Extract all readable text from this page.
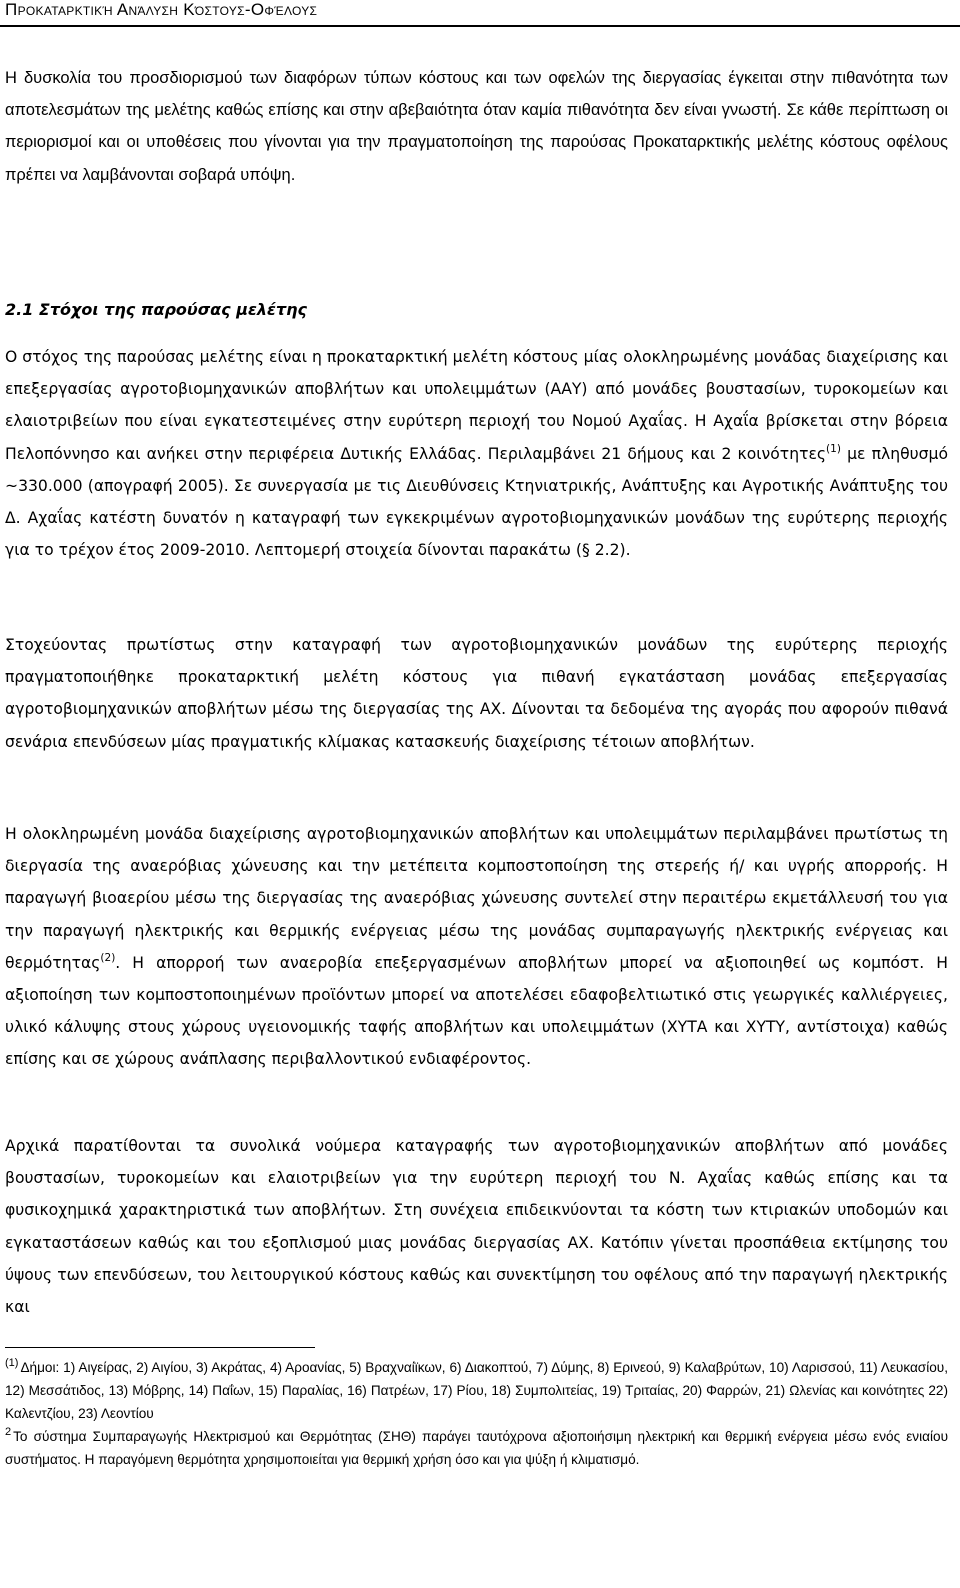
Προκαταρκτική Ανάλυση Κόστους-Οφέλους

Η δυσκολία του προσδιορισμού των διαφόρων τύπων κόστους και των οφελών της διεργασίας έγκειται στην πιθανότητα των αποτελεσμάτων της μελέτης καθώς επίσης και στην αβεβαιότητα όταν καμία πιθανότητα δεν είναι γνωστή. Σε κάθε περίπτωση οι περιορισμοί και οι υποθέσεις που γίνονται για την πραγματοποίηση της παρούσας Προκαταρκτικής μελέτης κόστους οφέλους πρέπει να λαμβάνονται σοβαρά υπόψη.

2.1 Στόχοι της παρούσας μελέτης

Ο στόχος της παρούσας μελέτης είναι η προκαταρκτική μελέτη κόστους μίας ολοκληρωμένης μονάδας διαχείρισης και επεξεργασίας αγροτοβιομηχανικών αποβλήτων και υπολειμμάτων (ΑΑΥ) από μονάδες βουστασίων, τυροκομείων και ελαιοτριβείων που είναι εγκατεστειμένες στην ευρύτερη περιοχή του Νομού Αχαΐας. Η Αχαΐα βρίσκεται στην βόρεια Πελοπόννησο και ανήκει στην περιφέρεια Δυτικής Ελλάδας. Περιλαμβάνει 21 δήμους και 2 κοινότητες$^{(1)}$ με πληθυσμό ~330.000 (απογραφή 2005). Σε συνεργασία με τις Διευθύνσεις Κτηνιατρικής, Ανάπτυξης και Αγροτικής Ανάπτυξης του Δ. Αχαΐας κατέστη δυνατόν η καταγραφή των εγκεκριμένων αγροτοβιομηχανικών μονάδων της ευρύτερης περιοχής για το τρέχον έτος 2009-2010. Λεπτομερή στοιχεία δίνονται παρακάτω (§ 2.2).

Στοχεύοντας πρωτίστως στην καταγραφή των αγροτοβιομηχανικών μονάδων της ευρύτερης περιοχής πραγματοποιήθηκε προκαταρκτική μελέτη κόστους για πιθανή εγκατάσταση μονάδας επεξεργασίας αγροτοβιομηχανικών αποβλήτων μέσω της διεργασίας της ΑΧ. Δίνονται τα δεδομένα της αγοράς που αφορούν πιθανά σενάρια επενδύσεων μίας πραγματικής κλίμακας κατασκευής διαχείρισης τέτοιων αποβλήτων.

Η ολοκληρωμένη μονάδα διαχείρισης αγροτοβιομηχανικών αποβλήτων και υπολειμμάτων περιλαμβάνει πρωτίστως τη διεργασία της αναερόβιας χώνευσης και την μετέπειτα κομποστοποίηση της στερεής ή/ και υγρής απορροής. Η παραγωγή βιοαερίου μέσω της διεργασίας της αναερόβιας χώνευσης συντελεί στην περαιτέρω εκμετάλλευσή του για την παραγωγή ηλεκτρικής και θερμικής ενέργειας μέσω της μονάδας συμπαραγωγής ηλεκτρικής ενέργειας και θερμότητας$^{(2)}$. Η απορροή των αναεροβία επεξεργασμένων αποβλήτων μπορεί να αξιοποιηθεί ως κομπόστ. Η αξιοποίηση των κομποστοποιημένων προϊόντων μπορεί να αποτελέσει εδαφοβελτιωτικό στις γεωργικές καλλιέργειες, υλικό κάλυψης στους χώρους υγειονομικής ταφής αποβλήτων και υπολειμμάτων (ΧΥΤΑ και ΧΥΤΥ, αντίστοιχα) καθώς επίσης και σε χώρους ανάπλασης περιβαλλοντικού ενδιαφέροντος.

Αρχικά παρατίθονται τα συνολικά νούμερα καταγραφής των αγροτοβιομηχανικών αποβλήτων από μονάδες βουστασίων, τυροκομείων και ελαιοτριβείων για την ευρύτερη περιοχή του Ν. Αχαΐας καθώς επίσης και τα φυσικοχημικά χαρακτηριστικά των αποβλήτων. Στη συνέχεια επιδεικνύονται τα κόστη των κτιριακών υποδομών και εγκαταστάσεων καθώς και του εξοπλισμού μιας μονάδας διεργασίας ΑΧ. Κατόπιν γίνεται προσπάθεια εκτίμησης του ύψους των επενδύσεων, του λειτουργικού κόστους καθώς και συνεκτίμηση του οφέλους από την παραγωγή ηλεκτρικής και

$^{(1)}$ Δήμοι: 1) Αιγείρας, 2) Αιγίου, 3) Ακράτας, 4) Αροανίας, 5) Βραχναίϊκων, 6) Διακοπτού, 7) Δύμης, 8) Ερινεού, 9) Καλαβρύτων, 10) Λαρισσού, 11) Λευκασίου, 12) Μεσσάτιδος, 13) Μόβρης, 14) Παΐων, 15) Παραλίας, 16) Πατρέων, 17) Ρίου, 18) Συμπολιτείας, 19) Τριταίας, 20) Φαρρών, 21) Ωλενίας και κοινότητες 22) Καλεντζίου, 23) Λεοντίου

$^2$ Το σύστημα Συμπαραγωγής Ηλεκτρισμού και Θερμότητας (ΣΗΘ) παράγει ταυτόχρονα αξιοποιήσιμη ηλεκτρική και θερμική ενέργεια μέσω ενός ενιαίου συστήματος. Η παραγόμενη θερμότητα χρησιμοποιείται για θερμική χρήση όσο και για ψύξη ή κλιματισμό.
